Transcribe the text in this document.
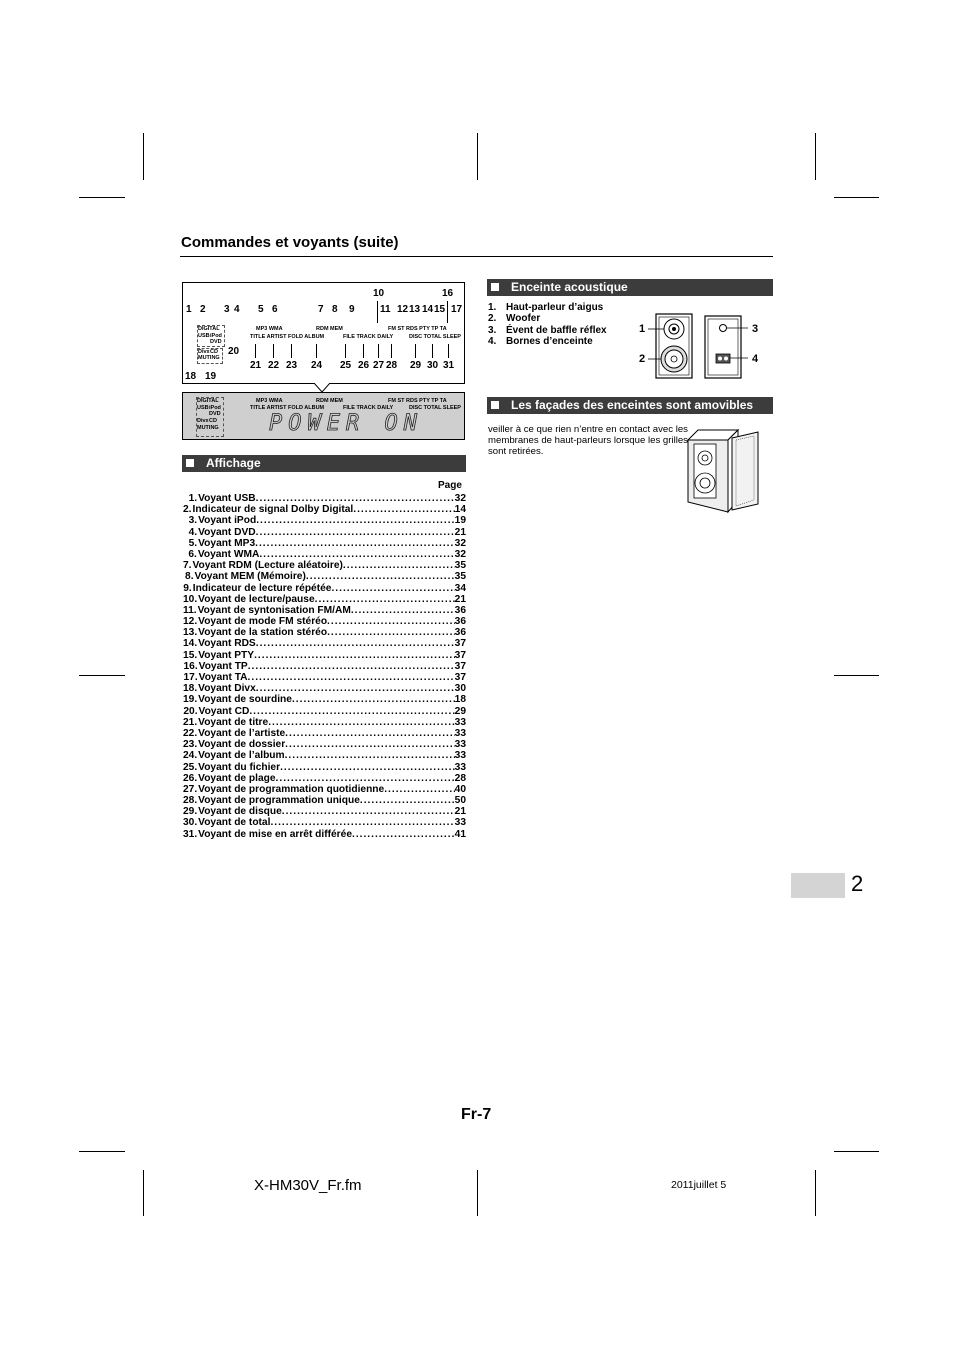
Commandes et voyants (suite)
1 2 3 4 5 6	7 8 9
10
11 12 13 14 15
16
17
MP3 WMA	RDM MEM	FM ST RDS PTY TP TA
TITLE ARTIST FOLD ALBUM	FILE TRACK DAILY	DISC TOTAL SLEEP
DIGITAL
USB iPod
DVD
Divx CD
MUTING
18 19
20
21 22 23 24 25 26 27 28 29 30 31
DIGITAL
USB iPod
DVD
Divx CD
MUTING
MP3 WMA	RDM MEM	FM ST RDS PTY TP TA
TITLE ARTIST FOLD ALBUM	FILE TRACK DAILY	DISC TOTAL SLEEP
POWER ON
Affichage
Page
1. Voyant USB .....	32
2. Indicateur de signal Dolby Digital .....	14
3. Voyant iPod .....	19
4. Voyant DVD .....	21
5. Voyant MP3 .....	32
6. Voyant WMA .....	32
7. Voyant RDM (Lecture aléatoire) .....	35
8. Voyant MEM (Mémoire) .....	35
9. Indicateur de lecture répétée .....	34
10. Voyant de lecture/pause .....	21
11. Voyant de syntonisation FM/AM .....	36
12. Voyant de mode FM stéréo .....	36
13. Voyant de la station stéréo .....	36
14. Voyant RDS .....	37
15. Voyant PTY .....	37
16. Voyant TP .....	37
17. Voyant TA .....	37
18. Voyant Divx .....	30
19. Voyant de sourdine .....	18
20. Voyant CD .....	29
21. Voyant de titre .....	33
22. Voyant de l’artiste .....	33
23. Voyant de dossier .....	33
24. Voyant de l’album .....	33
25. Voyant du fichier .....	33
26. Voyant de plage .....	28
27. Voyant de programmation quotidienne .....	40
28. Voyant de programmation unique .....	50
29. Voyant de disque .....	21
30. Voyant de total .....	33
31. Voyant de mise en arrêt différée .....	41
Enceinte acoustique
1. Haut-parleur d’aigus
2. Woofer
3. Évent de baffle réflex
4. Bornes d’enceinte
1
2
3
4
Les façades des enceintes sont amovibles
veiller à ce que rien n’entre en contact avec les membranes de haut-parleurs lorsque les grilles sont retirées.
2
Fr-7
X-HM30V_Fr.fm	2011juillet 5
